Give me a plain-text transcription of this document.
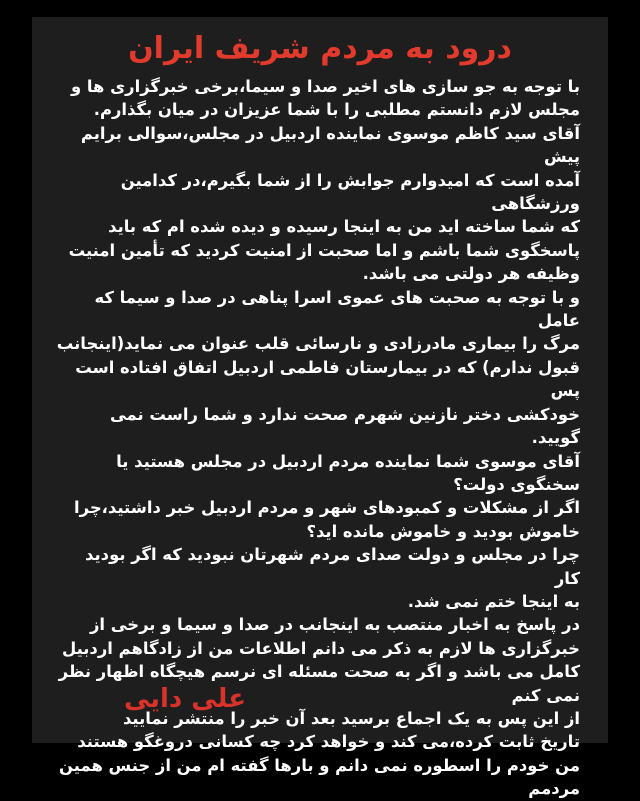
درود به مردم شریف ایران

با توجه به جو سازی های اخیر صدا و سیما،برخی خبرگزاری ها و

مجلس لازم دانستم مطلبی را با شما عزیزان در میان بگذارم.

آقای سید کاظم موسوی نماینده اردبیل در مجلس،سوالی برایم پیش

آمده است که امیدوارم جوابش را از شما بگیرم،در کدامین ورزشگاهی

که شما ساخته اید من به اینجا رسیده و دیده شده ام که باید

پاسخگوی شما باشم و اما صحبت از امنیت کردید که تأمین امنیت

وظیفه هر دولتی می باشد.

و با توجه به صحبت های عموی اسرا پناهی در صدا و سیما که عامل

مرگ را بیماری مادرزادی و نارسائی قلب عنوان می نماید(اینجانب

قبول ندارم) که در بیمارستان فاطمی اردبیل اتفاق افتاده است پس

خودکشی دختر نازنین شهرم صحت ندارد و شما راست نمی گویید.

آقای موسوی شما نماینده مردم اردبیل در مجلس هستید یا

سخنگوی دولت؟

اگر از مشکلات و کمبودهای شهر و مردم اردبیل خبر داشتید،چرا

خاموش بودید و خاموش مانده اید؟

چرا در مجلس و دولت صدای مردم شهرتان نبودید که اگر بودید کار

به اینجا ختم نمی شد.

در پاسخ به اخبار منتصب به اینجانب در صدا و سیما و برخی از

خبرگزاری ها لازم به ذکر می دانم اطلاعات من از زادگاهم اردبیل

کامل می باشد و اگر به صحت مسئله ای نرسم هیچگاه اظهار نظر

نمی کنم

از این پس به یک اجماع برسید بعد آن خبر را منتشر نمایید

تاریخ ثابت کرده،می کند و خواهد کرد چه کسانی دروغگو هستند

من خودم را اسطوره نمی دانم و بارها گفته ام من از جنس همین

مردمم

علی دایی
